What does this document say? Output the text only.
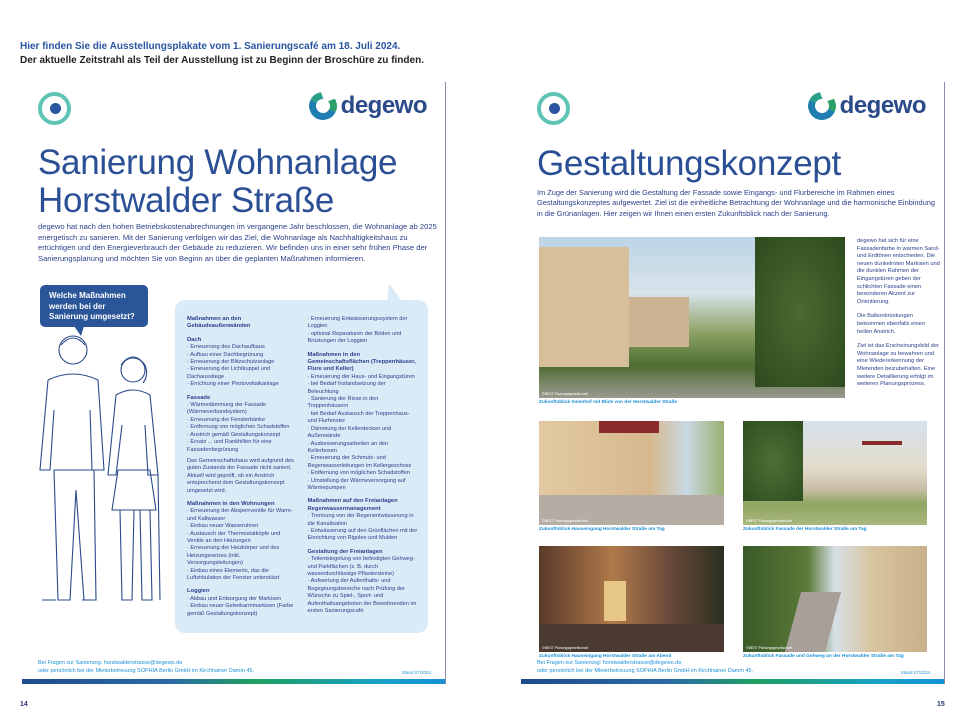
Hier finden Sie die Ausstellungsplakate vom 1. Sanierungscafé am 18. Juli 2024.
Der aktuelle Zeitstrahl als Teil der Ausstellung ist zu Beginn der Broschüre zu finden.
degewo
Sanierung Wohnanlage
Horstwalder Straße
degewo hat nach den hohen Betriebskostenabrechnungen im vergangene Jahr beschlossen, die Wohnanlage ab 2025 energetisch zu sanieren. Mit der Sanierung verfolgen wir das Ziel, die Wohnanlage als Nachhaltigkeitshaus zu ertüchtigen und den Energieverbrauch der Gebäude zu reduzieren. Wir befinden uns in einer sehr frühen Phase der Sanierungsplanung und möchten Sie von Beginn an über die geplanten Maßnahmen informieren.
Welche Maßnahmen werden bei der Sanierung umgesetzt?	Maßnahmen an den Gebäudeaußenwänden
Dach
· Erneuerung des Dachaufbaus
· Aufbau einer Dachbegrünung
· Erneuerung der Blitzschutzanlage
· Erneuerung der Lichtkuppel und Dachausstiege
· Errichtung einer Photovoltaikanlage
Fassade
· Wärmedämmung der Fassade (Wärmeverbundsystem)
· Erneuerung der Fensterbänke
· Entfernung von möglichen Schadstoffen
· Anstrich gemäß Gestaltungskonzept
· Ersatz ... und Rankhilfen für eine Fassadenbegrünung

Das Gemeinschaftshaus wird aufgrund des guten Zustands der Fassade nicht saniert. Aktuell wird geprüft, ob ein Anstrich entsprechend dem Gestaltungskonzept umgesetzt wird.

Maßnahmen in den Wohnungen
· Erneuerung der Absperrventile für Warm- und Kaltwasser
· Einbau neuer Wasseruhren
· Austausch der Thermostatköpfe und Ventile an den Heizungen
· Erneuerung der Heizkörper und des Heizungsnetzes (inkl. Versorgungsleitungen)
· Einbau eines Elements, das die Luftzirkulation der Fenster unterstützt
Loggien
· Abbau und Entsorgung der Markisen
· Einbau neuer Gelenkarmmarkisen (Farbe gemäß Gestaltungskonzept)
· Erneuerung Entwässerungssystem der Loggien
· optional Reparaturen der Böden und Brüstungen der Loggien
Maßnahmen in den Gemeinschaftsflächen (Treppenhäuser, Flure und Keller)
· Erneuerung der Haus- und Eingangstüren
· bei Bedarf Instandsetzung der Beleuchtung
· Sanierung der Risse in den Treppenhäusern
· bei Bedarf Austausch der Treppenhaus- und Flurfenster
· Dämmung der Kellerdecken und Außenwände
· Ausbesserungsarbeiten an den Kellerboxen
· Erneuerung der Schmutz- und Regenwasserleitungen im Kellergeschoss
· Entfernung von möglichen Schadstoffen
· Umstellung der Wärmeversorgung auf Wärmepumpen
Maßnahmen auf den Freianlagen Regenwassermanagement
· Trennung von der Regenentwässerung in die Kanalisation
· Entwässerung auf den Grünflächen mit der Einrichtung von Rigolen und Mulden
Gestaltung der Freianlagen
· Teilentsiegelung von befestigten Gehweg- und Parkflächen (z. B. durch wasserdurchlässige Pflastersteine)
· Aufwertung der Aufenthalts- und Begegnungsbereiche nach Prüfung der Wünsche zu Spiel-, Sport- und Aufenthaltsangeboten der Bewohnenden im ersten Sanierungscafé
Bei Fragen zur Sanierung: horstwalderstrasse@degewo.de
oder persönlich bei der Mieterbetreuung SOPHIA Berlin GmbH im Kirchhainer Damm 45.	Stand 07/2024
degewo
Gestaltungskonzept
Im Zuge der Sanierung wird die Gestaltung der Fassade sowie Eingangs- und Flurbereiche im Rahmen eines Gestaltungskonzeptes aufgewertet. Ziel ist die einheitliche Betrachtung der Wohnanlage und die harmonische Einbindung in die Grünanlagen. Hier zeigen wir Ihnen einen ersten Zukunftsblick nach der Sanierung.
©BEST Planungsgesellschaft
Zukunftsblick Innenhof mit Blick von der Horstwalder Straße

degewo hat sich für eine Fassadenfarbe in warmen Sand- und Erdtönen entschieden. Die neuen dunkelroten Markisen und die dunklen Rahmen der Eingangstüren geben der schlichten Fassade einen besonderen Akzent zur Orientierung.

Die Balkonbrüstungen bekommen ebenfalls einen hellen Anstrich.

Ziel ist das Erscheinungsbild der Wohnanlage zu bewahren und eine Wiedererkennung der Mietenden beizubehalten. Eine weitere Detaillierung erfolgt im weiteren Planungsprozess.

©BEST Planungsgesellschaft
Zukunftsblick Hauseingang Horstwalder Straße am Tag
©BEST Planungsgesellschaft
Zukunftsblick Fassade der Horstwalder Straße am Tag
©BEST Planungsgesellschaft
Zukunftsblick Hauseingang Horstwalder Straße am Abend
©BEST Planungsgesellschaft
Zukunftsblick Fassade und Gehweg an der Horstwalder Straße am Tag
Bei Fragen zur Sanierung: horstwalderstrasse@degewo.de
oder persönlich bei der Mieterbetreuung SOPHIA Berlin GmbH im Kirchhainer Damm 45.	Stand 07/2024
14	15
